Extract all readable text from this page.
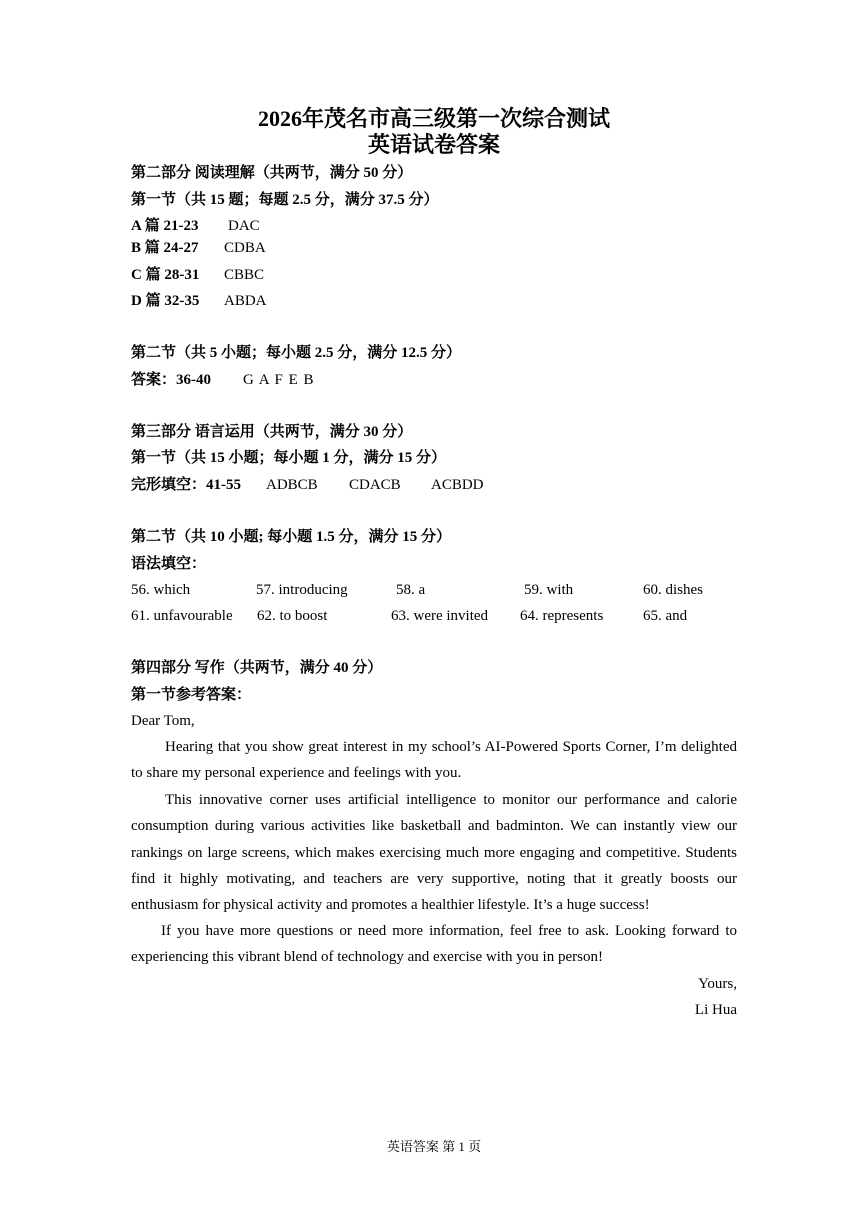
2026年茂名市高三级第一次综合测试
英语试卷答案
第二部分 阅读理解（共两节，满分 50 分）
第一节（共 15 题；每题 2.5 分，满分 37.5 分）
A 篇 21-23 DAC
B 篇 24-27 CDBA
C 篇 28-31 CBBC
D 篇 32-35 ABDA
第二节（共 5 小题；每小题 2.5 分，满分 12.5 分）
答案：36-40 G A F E B
第三部分 语言运用（共两节，满分 30 分）
第一节（共 15 小题；每小题 1 分，满分 15 分）
完形填空：41-55 ADBCB CDACB ACBDD
第二节（共 10 小题; 每小题 1.5 分，满分 15 分）
语法填空：
56. which	57. introducing	58. a	59. with	60. dishes
61. unfavourable 62. to boost	63. were invited 64. represents	65. and
第四部分 写作（共两节，满分 40 分）
第一节参考答案：
Dear Tom,
Hearing that you show great interest in my school’s AI-Powered Sports Corner, I’m delighted to share my personal experience and feelings with you.
This innovative corner uses artificial intelligence to monitor our performance and calorie consumption during various activities like basketball and badminton. We can instantly view our rankings on large screens, which makes exercising much more engaging and competitive. Students find it highly motivating, and teachers are very supportive, noting that it greatly boosts our enthusiasm for physical activity and promotes a healthier lifestyle. It’s a huge success!
If you have more questions or need more information, feel free to ask. Looking forward to experiencing this vibrant blend of technology and exercise with you in person!
Yours,
Li Hua
英语答案 第 1 页
